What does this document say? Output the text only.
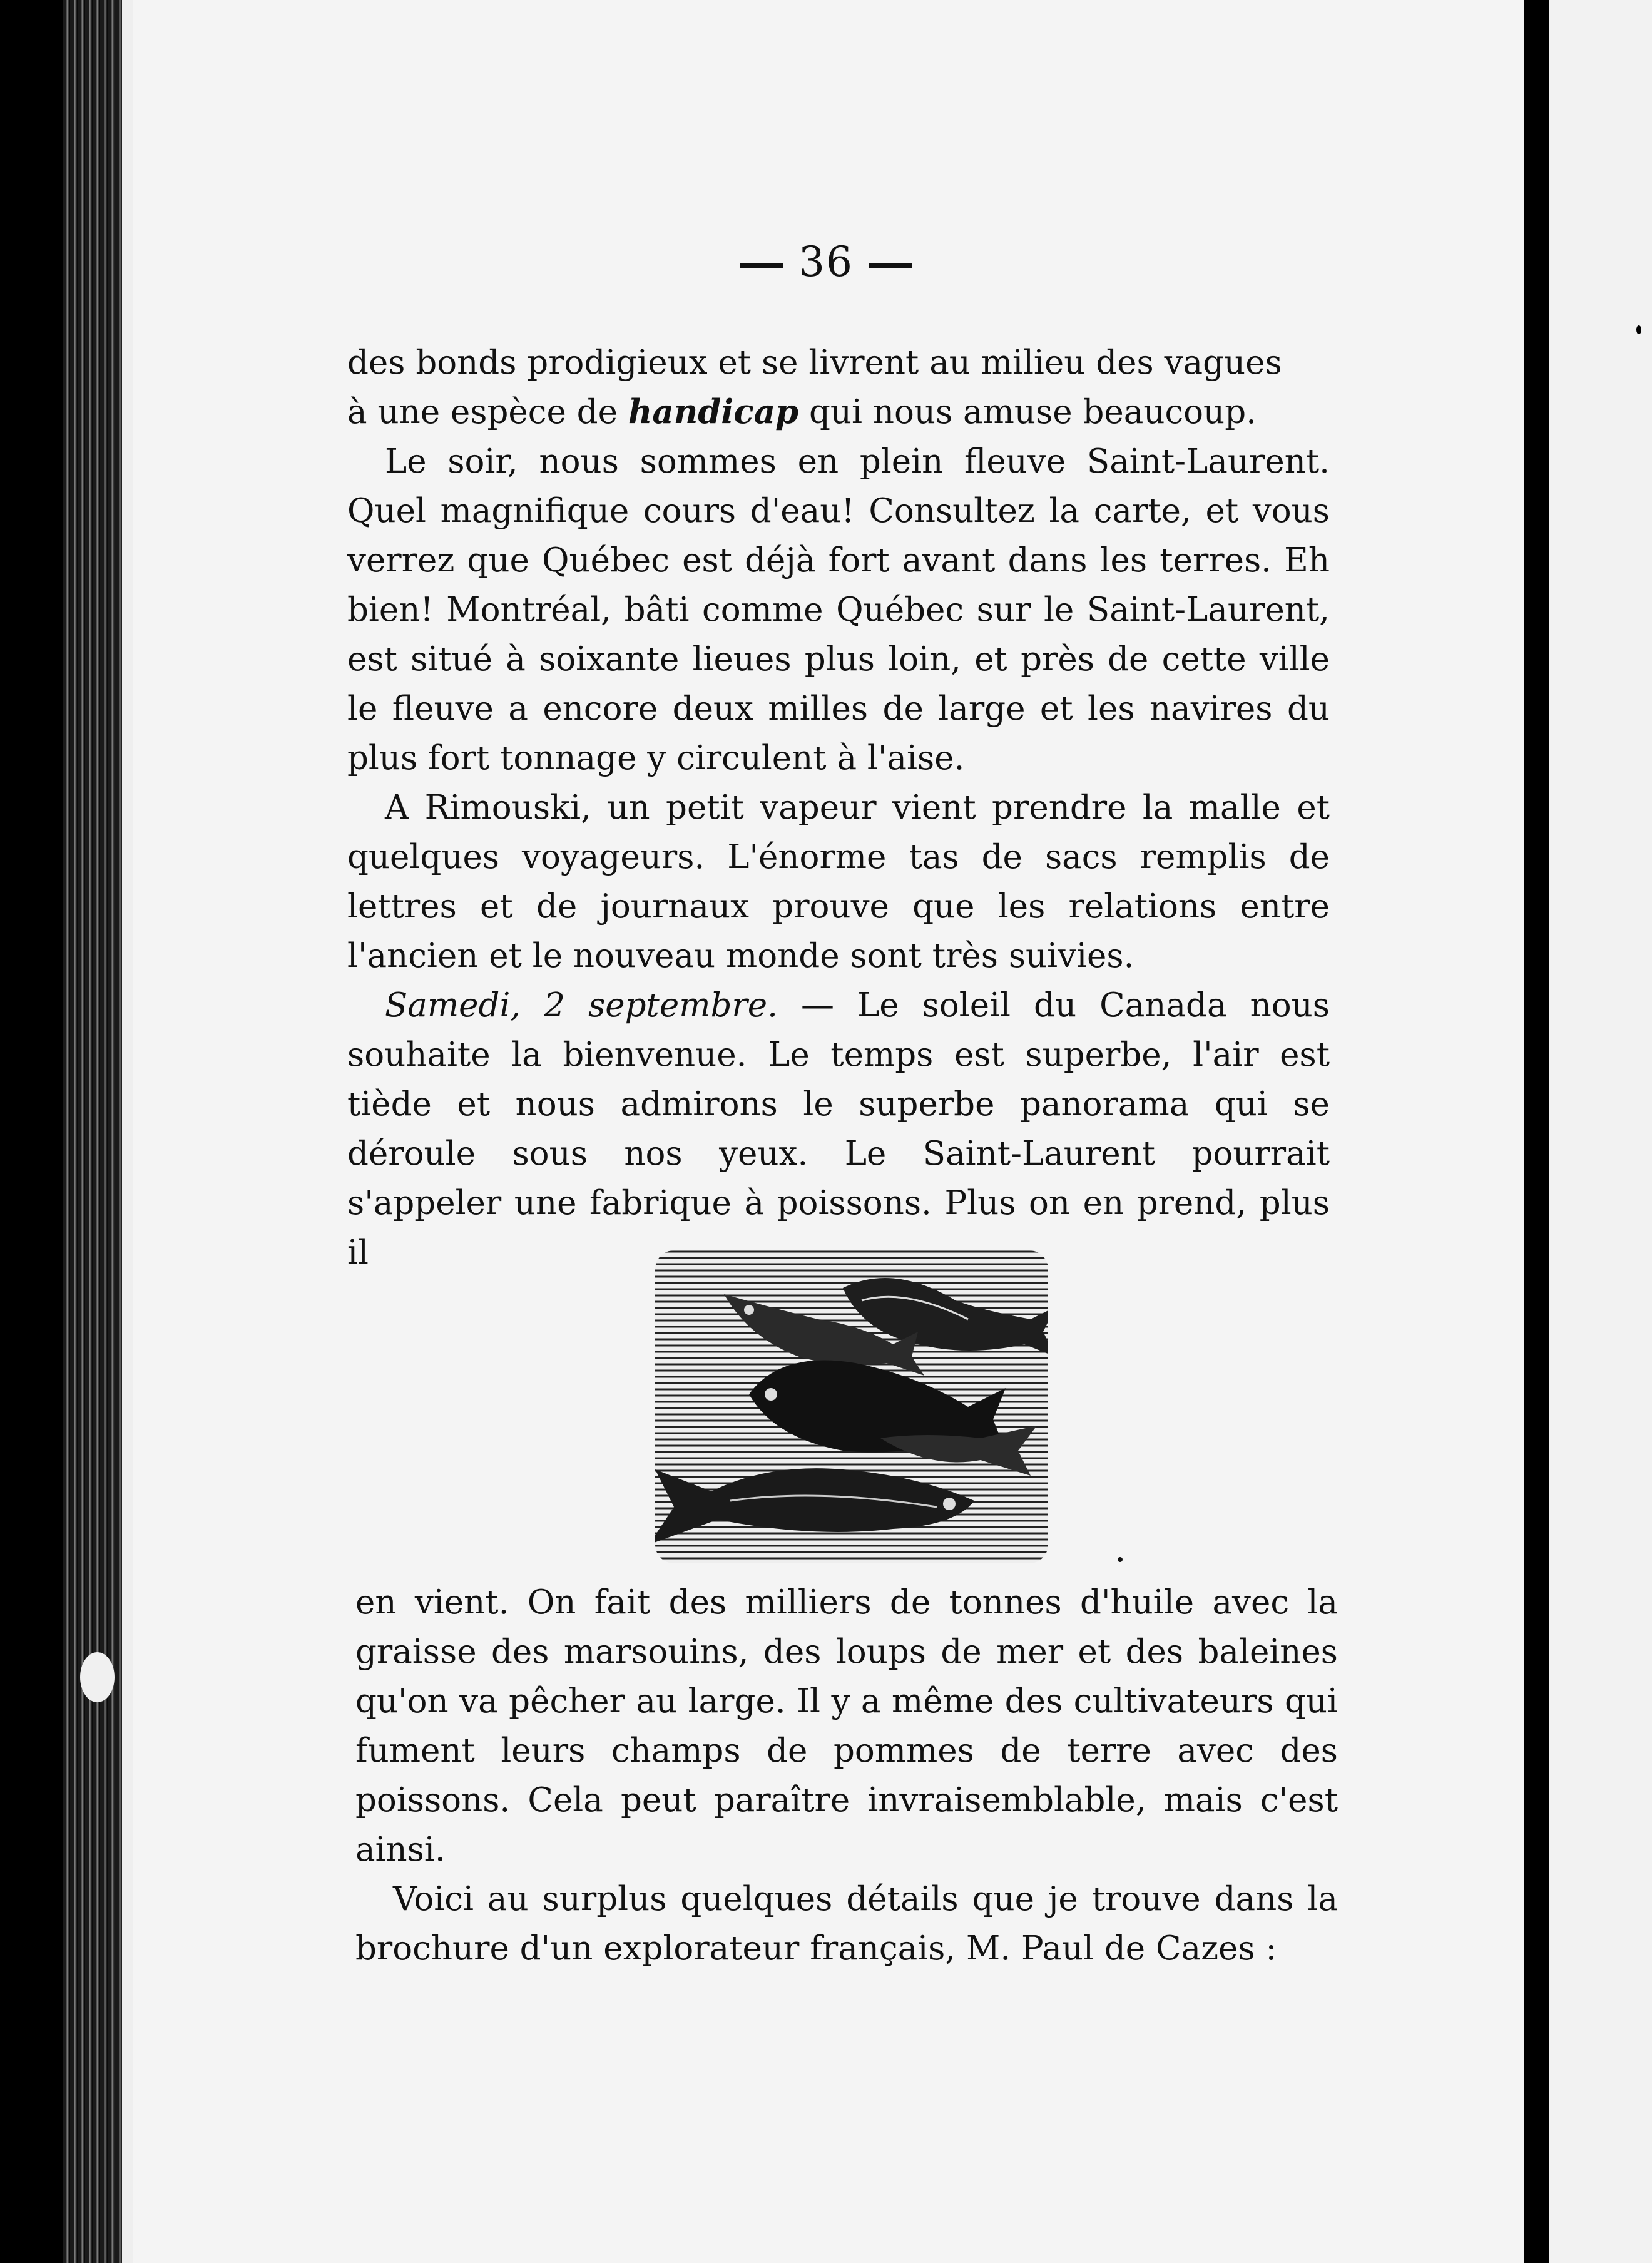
36

des bonds prodigieux et se livrent au milieu des vagues
à une espèce de handicap qui nous amuse beaucoup.

Le soir, nous sommes en plein fleuve Saint-Laurent. Quel magnifique cours d'eau! Consultez la carte, et vous verrez que Québec est déjà fort avant dans les terres. Eh bien! Montréal, bâti comme Québec sur le Saint-Laurent, est situé à soixante lieues plus loin, et près de cette ville le fleuve a encore deux milles de large et les navires du plus fort tonnage y circulent à l'aise.

A Rimouski, un petit vapeur vient prendre la malle et quelques voyageurs. L'énorme tas de sacs remplis de lettres et de journaux prouve que les relations entre l'ancien et le nouveau monde sont très suivies.

Samedi, 2 septembre. — Le soleil du Canada nous souhaite la bienvenue. Le temps est superbe, l'air est tiède et nous admirons le superbe panorama qui se déroule sous nos yeux. Le Saint-Laurent pourrait s'appeler une fabrique à poissons. Plus on en prend, plus il

en vient. On fait des milliers de tonnes d'huile avec la graisse des marsouins, des loups de mer et des baleines qu'on va pêcher au large. Il y a même des cultivateurs qui fument leurs champs de pommes de terre avec des poissons. Cela peut paraître invraisemblable, mais c'est ainsi.

Voici au surplus quelques détails que je trouve dans la brochure d'un explorateur français, M. Paul de Cazes :
